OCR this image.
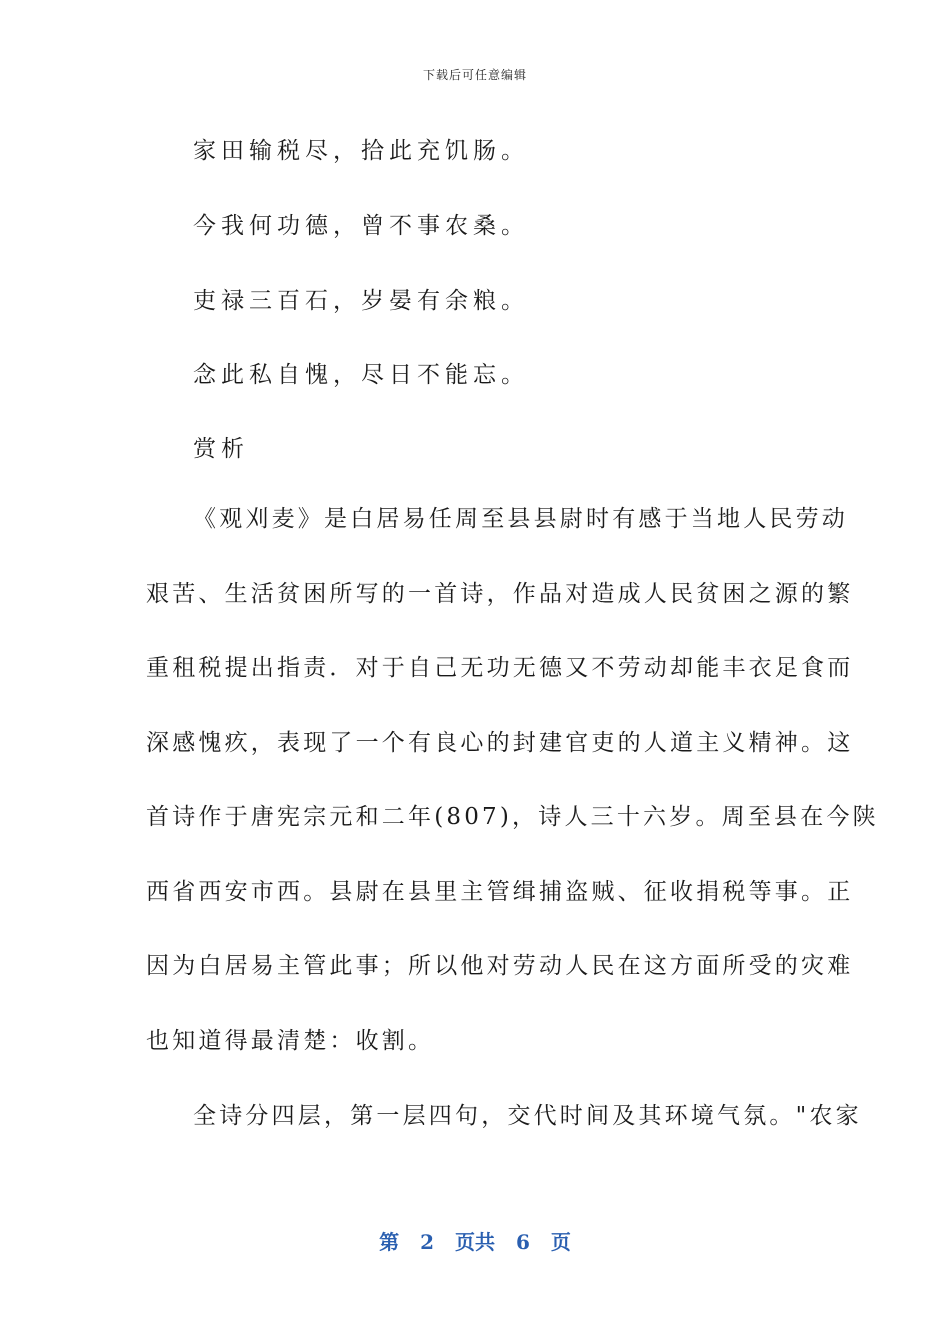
下载后可任意编辑
家田输税尽，拾此充饥肠。
今我何功德，曾不事农桑。
吏禄三百石，岁晏有余粮。
念此私自愧，尽日不能忘。
赏析
《观刈麦》是白居易任周至县县尉时有感于当地人民劳动
艰苦、生活贫困所写的一首诗，作品对造成人民贫困之源的繁
重租税提出指责．对于自己无功无德又不劳动却能丰衣足食而
深感愧疚，表现了一个有良心的封建官吏的人道主义精神。这
首诗作于唐宪宗元和二年(807)，诗人三十六岁。周至县在今陕
西省西安市西。县尉在县里主管缉捕盗贼、征收捐税等事。正
因为白居易主管此事；所以他对劳动人民在这方面所受的灾难
也知道得最清楚：收割。
全诗分四层，第一层四句，交代时间及其环境气氛。"农家
第 2 页共 6 页
